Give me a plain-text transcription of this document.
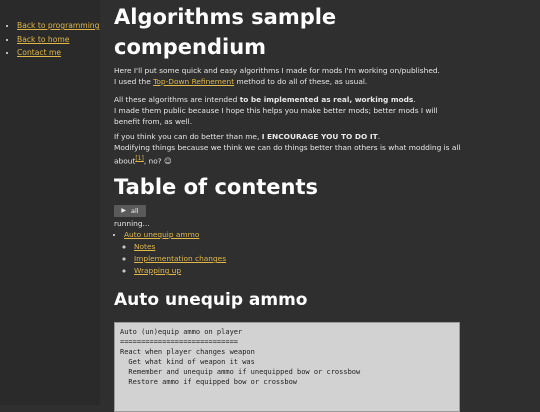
• Back to programming
• Back to home
• Contact me
Algorithms sample compendium

Here I'll put some quick and easy algorithms I made for mods I'm working on/published.
I used the Top-Down Refinement method to do all of these, as usual.

All these algorithms are intended to be implemented as real, working mods.
I made them public because I hope this helps you make better mods; better mods I will benefit from, as well.

If you think you can do better than me, I ENCOURAGE YOU TO DO IT.
Modifying things because we think we can do things better than others is what modding is all about[1], no? ☺

Table of contents
▶ all
running...
• Auto unequip ammo
◦ Notes
◦ Implementation changes
◦ Wrapping up
Auto unequip ammo
Auto (un)equip ammo on player
============================
React when player changes weapon
Get what kind of weapon it was
Remember and unequip ammo if unequipped bow or crossbow
Restore ammo if equipped bow or crossbow
